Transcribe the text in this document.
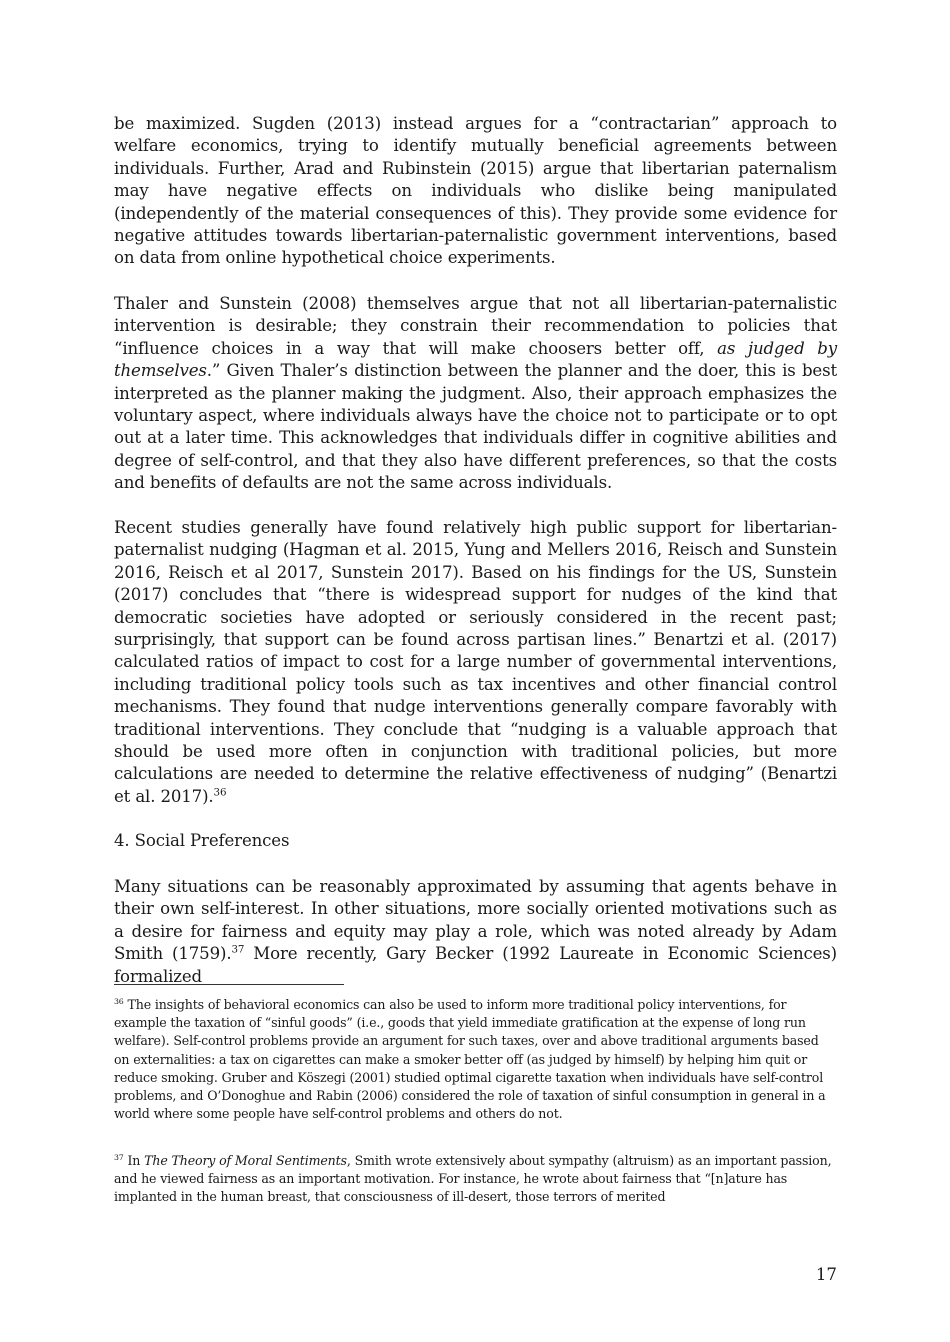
be maximized. Sugden (2013) instead argues for a “contractarian” approach to welfare economics, trying to identify mutually beneficial agreements between individuals. Further, Arad and Rubinstein (2015) argue that libertarian paternalism may have negative effects on individuals who dislike being manipulated (independently of the material consequences of this). They provide some evidence for negative attitudes towards libertarian-paternalistic government interventions, based on data from online hypothetical choice experiments.

Thaler and Sunstein (2008) themselves argue that not all libertarian-paternalistic intervention is desirable; they constrain their recommendation to policies that “influence choices in a way that will make choosers better off, as judged by themselves.” Given Thaler’s distinction between the planner and the doer, this is best interpreted as the planner making the judgment. Also, their approach emphasizes the voluntary aspect, where individuals always have the choice not to participate or to opt out at a later time. This acknowledges that individuals differ in cognitive abilities and degree of self-control, and that they also have different preferences, so that the costs and benefits of defaults are not the same across individuals.

Recent studies generally have found relatively high public support for libertarian-paternalist nudging (Hagman et al. 2015, Yung and Mellers 2016, Reisch and Sunstein 2016, Reisch et al 2017, Sunstein 2017). Based on his findings for the US, Sunstein (2017) concludes that “there is widespread support for nudges of the kind that democratic societies have adopted or seriously considered in the recent past; surprisingly, that support can be found across partisan lines.” Benartzi et al. (2017) calculated ratios of impact to cost for a large number of governmental interventions, including traditional policy tools such as tax incentives and other financial control mechanisms. They found that nudge interventions generally compare favorably with traditional interventions. They conclude that “nudging is a valuable approach that should be used more often in conjunction with traditional policies, but more calculations are needed to determine the relative effectiveness of nudging” (Benartzi et al. 2017).$^{36}$

4. Social Preferences

Many situations can be reasonably approximated by assuming that agents behave in their own self-interest. In other situations, more socially oriented motivations such as a desire for fairness and equity may play a role, which was noted already by Adam Smith (1759).$^{37}$ More recently, Gary Becker (1992 Laureate in Economic Sciences) formalized

$^{36}$ The insights of behavioral economics can also be used to inform more traditional policy interventions, for example the taxation of “sinful goods” (i.e., goods that yield immediate gratification at the expense of long run welfare). Self-control problems provide an argument for such taxes, over and above traditional arguments based on externalities: a tax on cigarettes can make a smoker better off (as judged by himself) by helping him quit or reduce smoking. Gruber and Köszegi (2001) studied optimal cigarette taxation when individuals have self-control problems, and O’Donoghue and Rabin (2006) considered the role of taxation of sinful consumption in general in a world where some people have self-control problems and others do not.

$^{37}$ In The Theory of Moral Sentiments, Smith wrote extensively about sympathy (altruism) as an important passion, and he viewed fairness as an important motivation. For instance, he wrote about fairness that “[n]ature has implanted in the human breast, that consciousness of ill-desert, those terrors of merited

17
